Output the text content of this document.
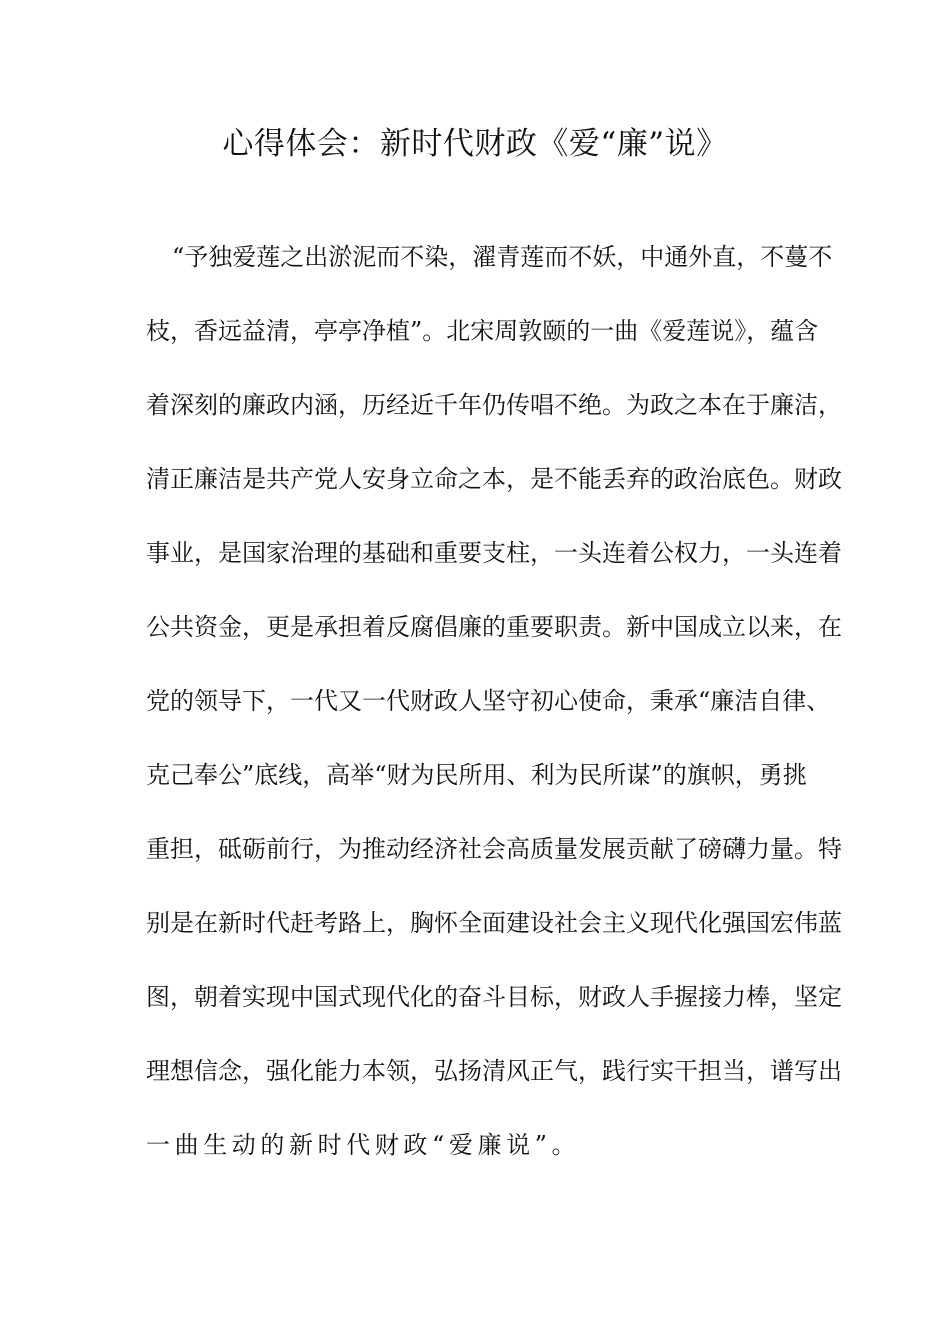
心得体会：新时代财政《爱“廉”说》
“予独爱莲之出淤泥而不染，濯青莲而不妖，中通外直，不蔓不
枝，香远益清，亭亭净植”。北宋周敦颐的一曲《爱莲说》，蕴含
着深刻的廉政内涵，历经近千年仍传唱不绝。为政之本在于廉洁，
清正廉洁是共产党人安身立命之本，是不能丢弃的政治底色。财政
事业，是国家治理的基础和重要支柱，一头连着公权力，一头连着
公共资金，更是承担着反腐倡廉的重要职责。新中国成立以来，在
党的领导下，一代又一代财政人坚守初心使命，秉承“廉洁自律、
克己奉公”底线，高举“财为民所用、利为民所谋”的旗帜，勇挑
重担，砥砺前行，为推动经济社会高质量发展贡献了磅礴力量。特
别是在新时代赶考路上，胸怀全面建设社会主义现代化强国宏伟蓝
图，朝着实现中国式现代化的奋斗目标，财政人手握接力棒，坚定
理想信念，强化能力本领，弘扬清风正气，践行实干担当，谱写出
一曲生动的新时代财政“爱廉说”。
